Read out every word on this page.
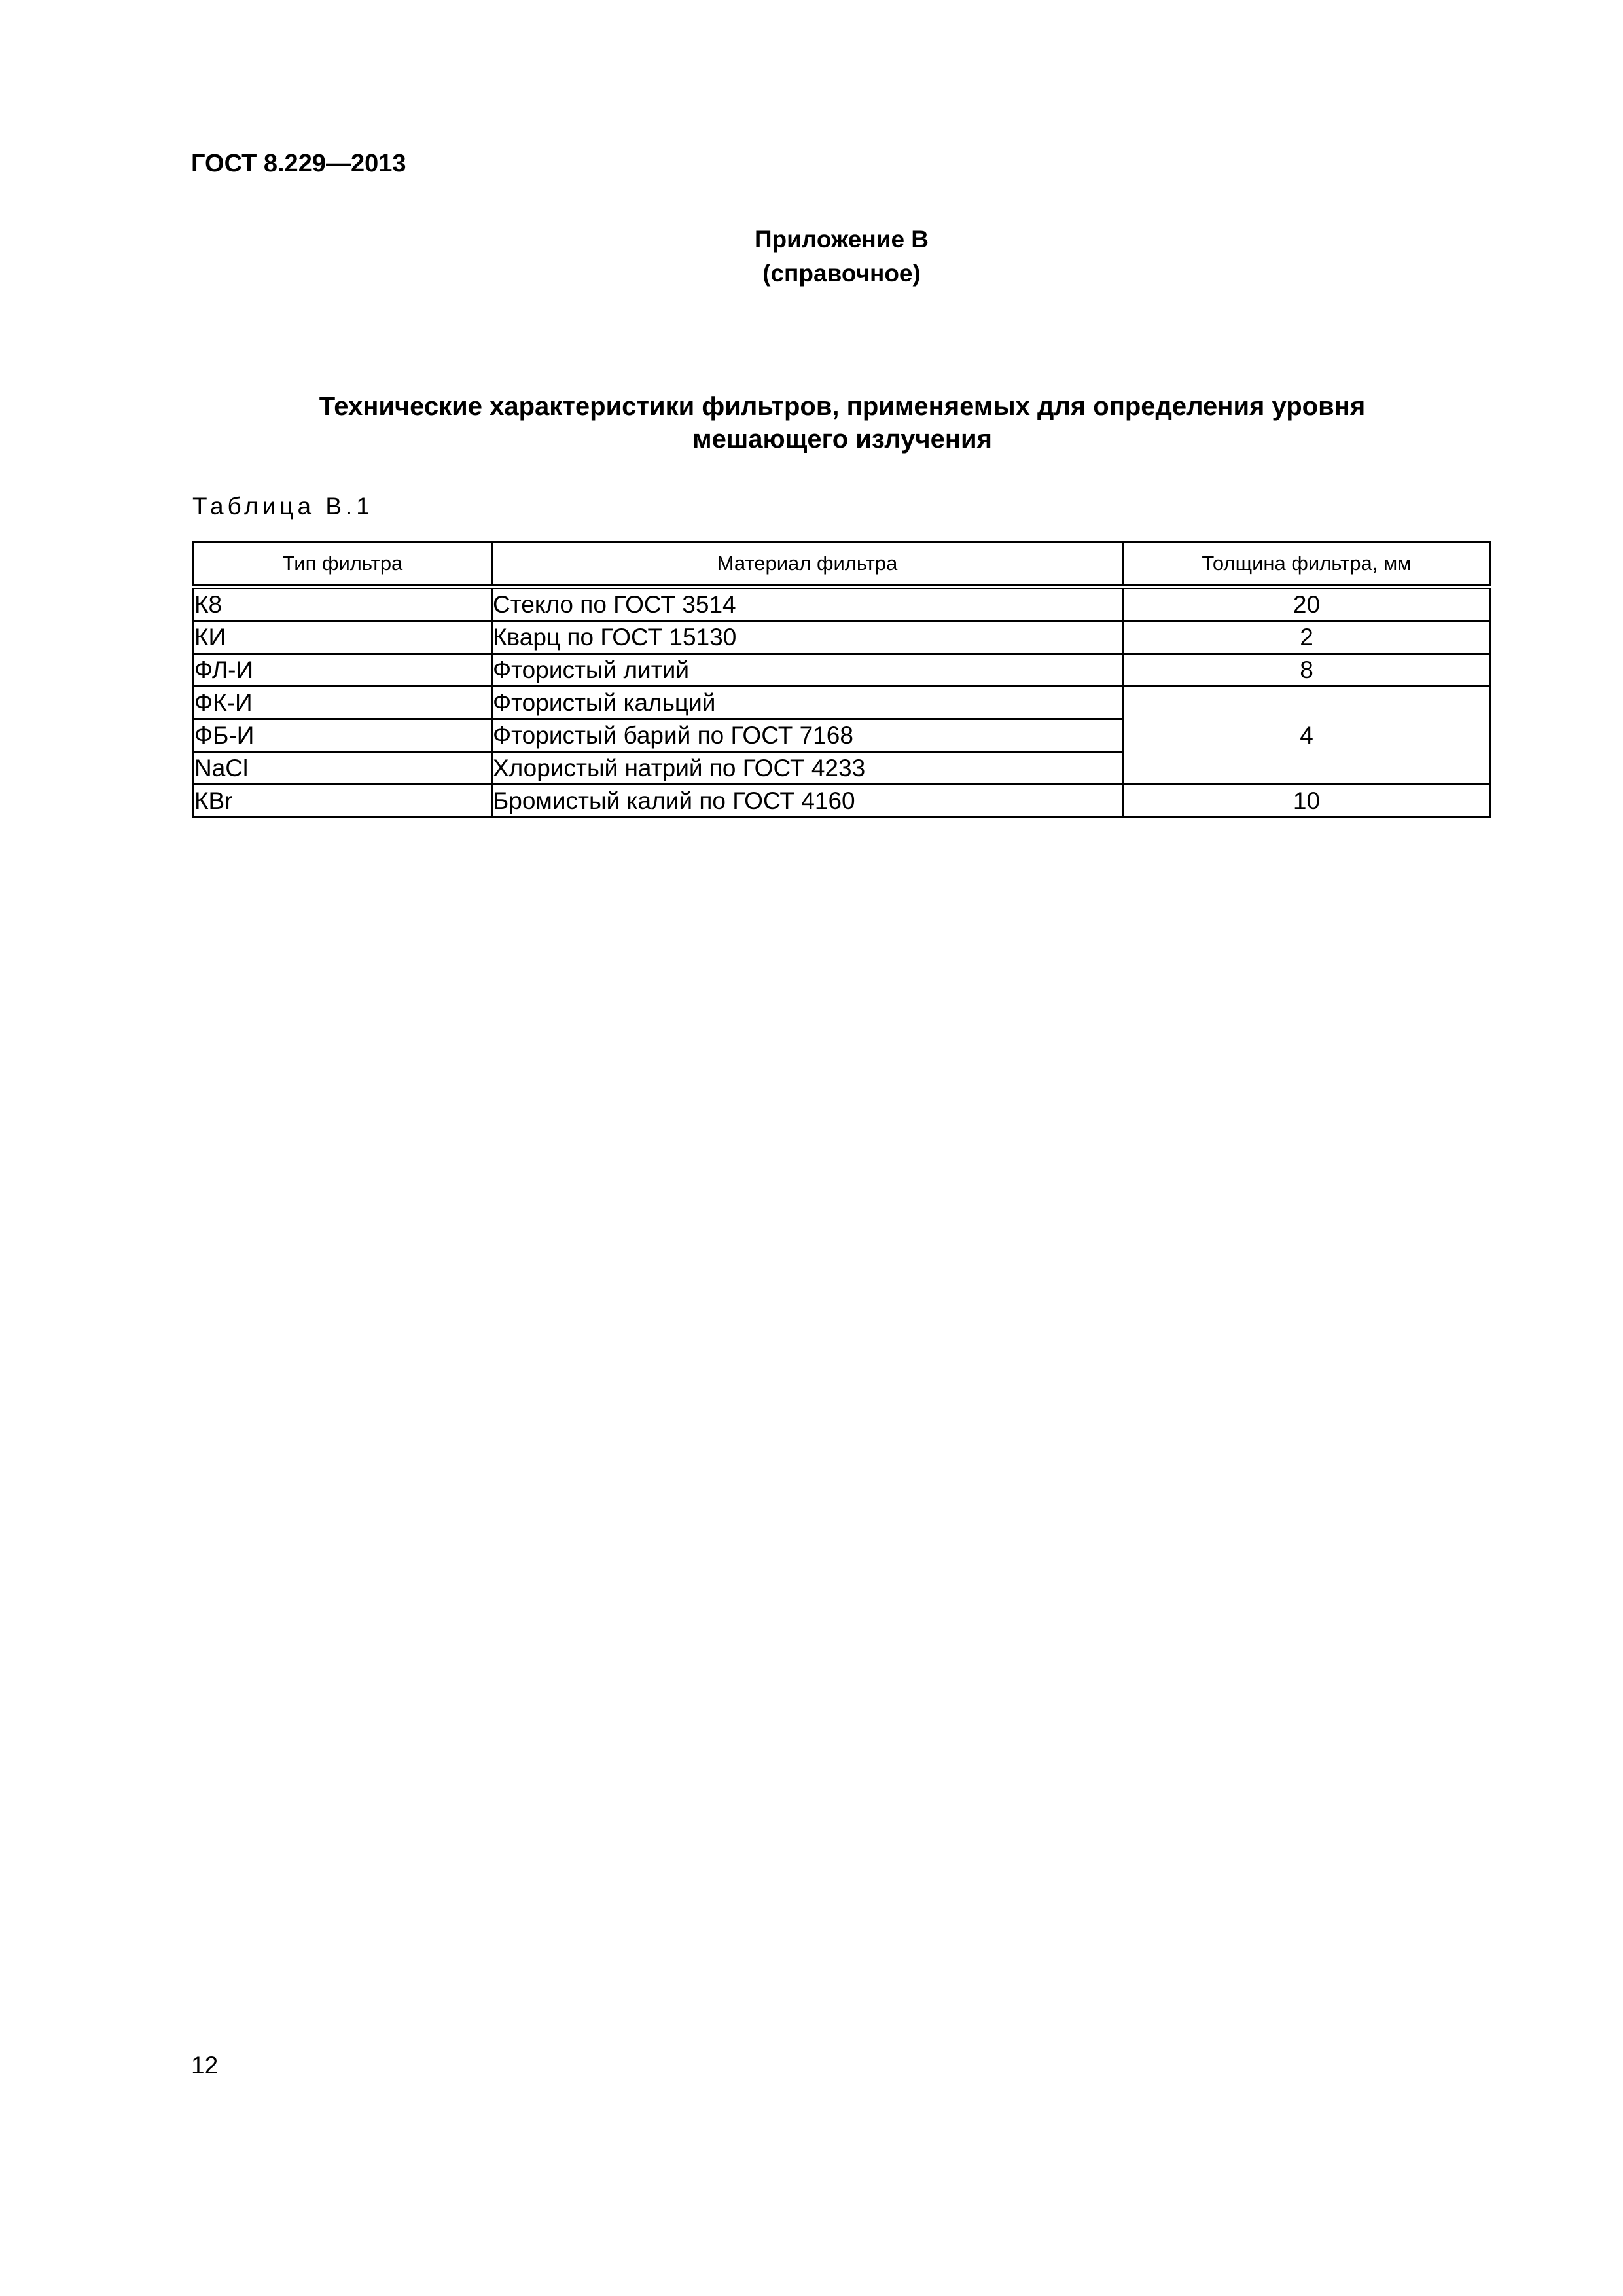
ГОСТ 8.229—2013
Приложение В
(справочное)
Технические характеристики фильтров, применяемых для определения уровня
мешающего излучения
Таблица В.1
Тип фильтра	Материал фильтра	Толщина фильтра, мм
К8	Стекло по ГОСТ 3514	20
КИ	Кварц по ГОСТ 15130	2
ФЛ-И	Фтористый литий	8
ФК-И	Фтористый кальций	4
ФБ-И	Фтористый барий по ГОСТ 7168	
NaCl	Хлористый натрий по ГОСТ 4233	
КВr	Бромистый калий по ГОСТ 4160	10
12
